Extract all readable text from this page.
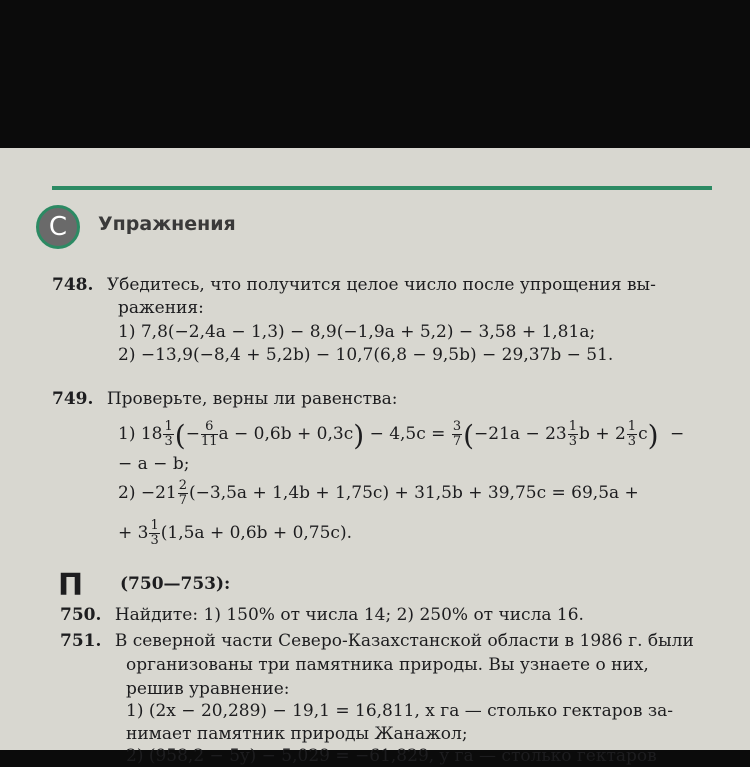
C Упражнения
748. Убедитесь, что получится целое число после упрощения вы-
ражения:
1) 7,8(−2,4a − 1,3) − 8,9(−1,9a + 5,2) − 3,58 + 1,81a;
2) −13,9(−8,4 + 5,2b) − 10,7(6,8 − 9,5b) − 29,37b − 51.
749. Проверьте, верны ли равенства:
1) $18 \frac{1}{3}$ (− $\frac{6}{11}$ $a - 0,6b + 0,3c) - 4,5c = \frac{3}{7} (-21a - 23 \frac{1}{3}$ $b + 2 \frac{1}{3} c$) −
− a − b;
$2) -21 \frac{2}{7} (-3,5a + 1,4b + 1,75c) + 31,5b + 39,75c = 69,5a$ +
+ $3 \frac{1}{3} (1,5a + 0,6b + 0,75c)$.
П (750—753):
750. Найдите: 1) 150% от числа 14; 2) 250% от числа 16.
751. В северной части Северо-Казахстанской области в 1986 г. были
организованы три памятника природы. Вы узнаете о них,
решив уравнение:
1) (2x − 20,289) − 19,1 = 16,811, x га — столько гектаров за-
нимает памятник природы Жанажол;
2) (958,2 − 5y) − 5,029 = −61,829, y га — столько гектаров
